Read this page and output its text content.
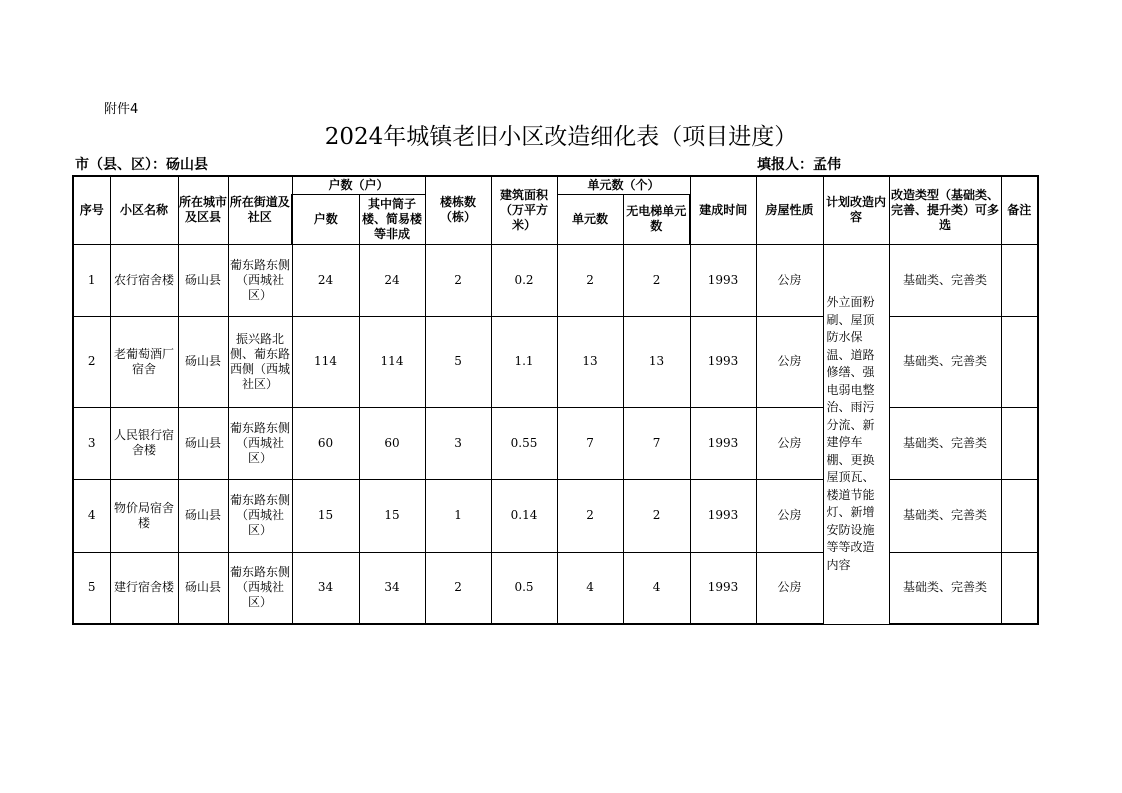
附件4
2024年城镇老旧小区改造细化表（项目进度）
市（县、区）：砀山县	填报人：孟伟
序号	小区名称	所在城市及区县	所在街道及社区	户数（户）		楼栋数（栋）	建筑面积（万平方米）	单元数（个）		建成时间	房屋性质	计划改造内容	改造类型（基础类、完善、提升类）可多选	备注
				户数	其中筒子楼、简易楼等非成			单元数	无电梯单元数					
1	农行宿舍楼	砀山县	葡东路东侧（西城社区）	24	24	2	0.2	2	2	1993	公房	外立面粉刷、屋顶防水保温、道路修缮、强电弱电整治、雨污分流、新建停车棚、更换屋顶瓦、楼道节能灯、新增安防设施等等改造内容	基础类、完善类	
2	老葡萄酒厂宿舍	砀山县	振兴路北侧、葡东路西侧（西城社区）	114	114	5	1.1	13	13	1993	公房		基础类、完善类	
3	人民银行宿舍楼	砀山县	葡东路东侧（西城社区）	60	60	3	0.55	7	7	1993	公房		基础类、完善类	
4	物价局宿舍楼	砀山县	葡东路东侧（西城社区）	15	15	1	0.14	2	2	1993	公房		基础类、完善类	
5	建行宿舍楼	砀山县	葡东路东侧（西城社区）	34	34	2	0.5	4	4	1993	公房		基础类、完善类	
